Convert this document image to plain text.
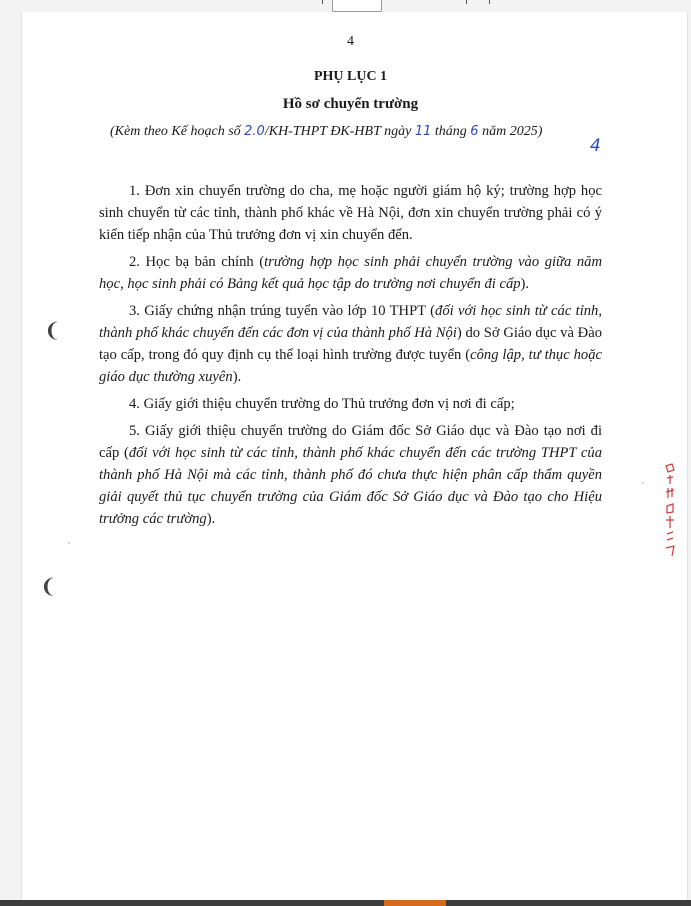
4
PHỤ LỤC 1
Hồ sơ chuyển trường
(Kèm theo Kế hoạch số 2.0/KH-THPT ĐK-HBT ngày 11 tháng 6 năm 2025)
4

1. Đơn xin chuyển trường do cha, mẹ hoặc người giám hộ ký; trường hợp học sinh chuyển từ các tỉnh, thành phố khác về Hà Nội, đơn xin chuyển trường phải có ý kiến tiếp nhận của Thủ trưởng đơn vị xin chuyển đến.

2. Học bạ bản chính (trường hợp học sinh phải chuyển trường vào giữa năm học, học sinh phải có Bảng kết quả học tập do trường nơi chuyển đi cấp).

3. Giấy chứng nhận trúng tuyển vào lớp 10 THPT (đối với học sinh từ các tỉnh, thành phố khác chuyển đến các đơn vị của thành phố Hà Nội) do Sở Giáo dục và Đào tạo cấp, trong đó quy định cụ thể loại hình trường được tuyển (công lập, tư thục hoặc giáo dục thường xuyên).

4. Giấy giới thiệu chuyển trường do Thủ trưởng đơn vị nơi đi cấp;

5. Giấy giới thiệu chuyển trường do Giám đốc Sở Giáo dục và Đào tạo nơi đi cấp (đối với học sinh từ các tỉnh, thành phố khác chuyển đến các trường THPT của thành phố Hà Nội mà các tỉnh, thành phố đó chưa thực hiện phân cấp thẩm quyền giải quyết thủ tục chuyển trường của Giám đốc Sở Giáo dục và Đào tạo cho Hiệu trưởng các trường).

❨
❨
